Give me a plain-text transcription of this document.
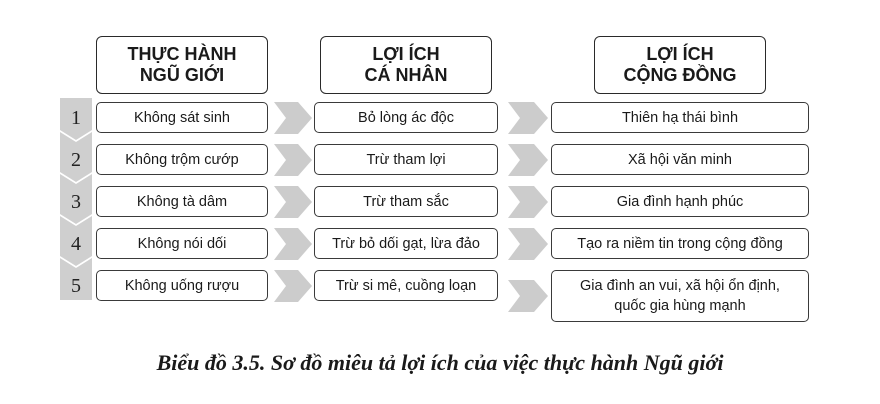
THỰC HÀNH
NGŨ GIỚI
LỢI ÍCH
CÁ NHÂN
LỢI ÍCH
CỘNG ĐỒNG
1
2
3
4
5
Không sát sinh
Không trộm cướp
Không tà dâm
Không nói dối
Không uống rượu
Bỏ lòng ác độc
Trừ tham lợi
Trừ tham sắc
Trừ bỏ dối gạt, lừa đảo
Trừ si mê, cuồng loạn
Thiên hạ thái bình
Xã hội văn minh
Gia đình hạnh phúc
Tạo ra niềm tin trong cộng đồng
Gia đình an vui, xã hội ổn định,
quốc gia hùng mạnh
Biểu đồ 3.5. Sơ đồ miêu tả lợi ích của việc thực hành Ngũ giới
